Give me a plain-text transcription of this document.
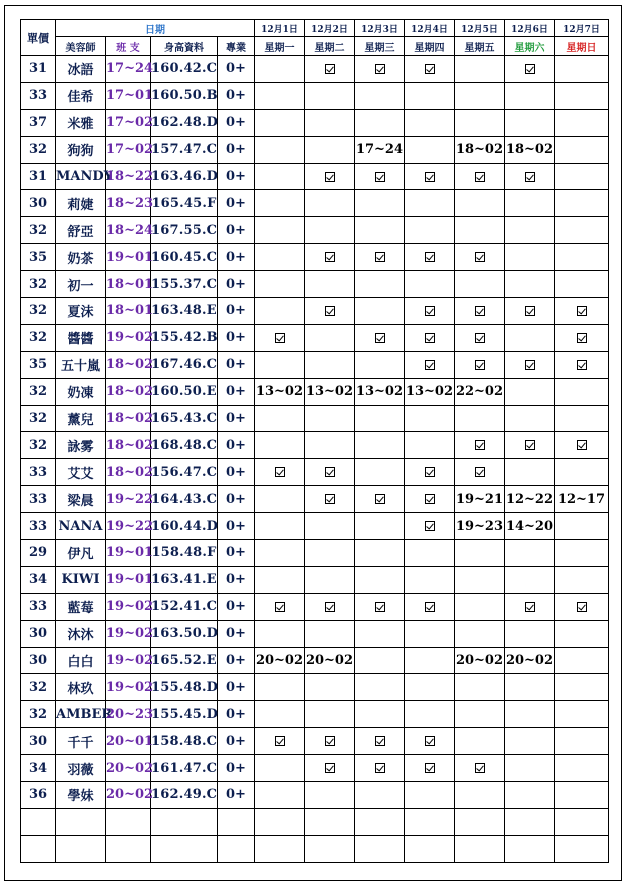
單價	日期				12月1日	12月2日	12月3日	12月4日	12月5日	12月6日	12月7日
	美容師	班 支	身高資料	專業	星期一	星期二	星期三	星期四	星期五	星期六	星期日
31	冰語	17~24	160.42.C	0+							
33	佳希	17~01	160.50.B	0+							
37	米雅	17~02	162.48.D	0+							
32	狗狗	17~02	157.47.C	0+			17~24		18~02	18~02	
31	MANDY	18~22	163.46.D	0+							
30	莉婕	18~23	165.45.F	0+							
32	舒亞	18~24	167.55.C	0+							
35	奶茶	19~01	160.45.C	0+							
32	初一	18~01	155.37.C	0+							
32	夏沫	18~01	163.48.E	0+							
32	醬醬	19~02	155.42.B	0+							
35	五十嵐	18~02	167.46.C	0+							
32	奶凍	18~02	160.50.E	0+	13~02	13~02	13~02	13~02	22~02		
32	薰兒	18~02	165.43.C	0+							
32	詠雾	18~02	168.48.C	0+							
33	艾艾	18~02	156.47.C	0+							
33	梁晨	19~22	164.43.C	0+					19~21	12~22	12~17
33	NANA	19~22	160.44.D	0+					19~23	14~20	
29	伊凡	19~01	158.48.F	0+							
34	KIWI	19~01	163.41.E	0+							
33	藍莓	19~02	152.41.C	0+							
30	沐沐	19~02	163.50.D	0+							
30	白白	19~02	165.52.E	0+	20~02	20~02			20~02	20~02	
32	林玖	19~02	155.48.D	0+							
32	AMBER	20~23	155.45.D	0+							
30	千千	20~01	158.48.C	0+							
34	羽薇	20~02	161.47.C	0+							
36	學妹	20~02	162.49.C	0+							
